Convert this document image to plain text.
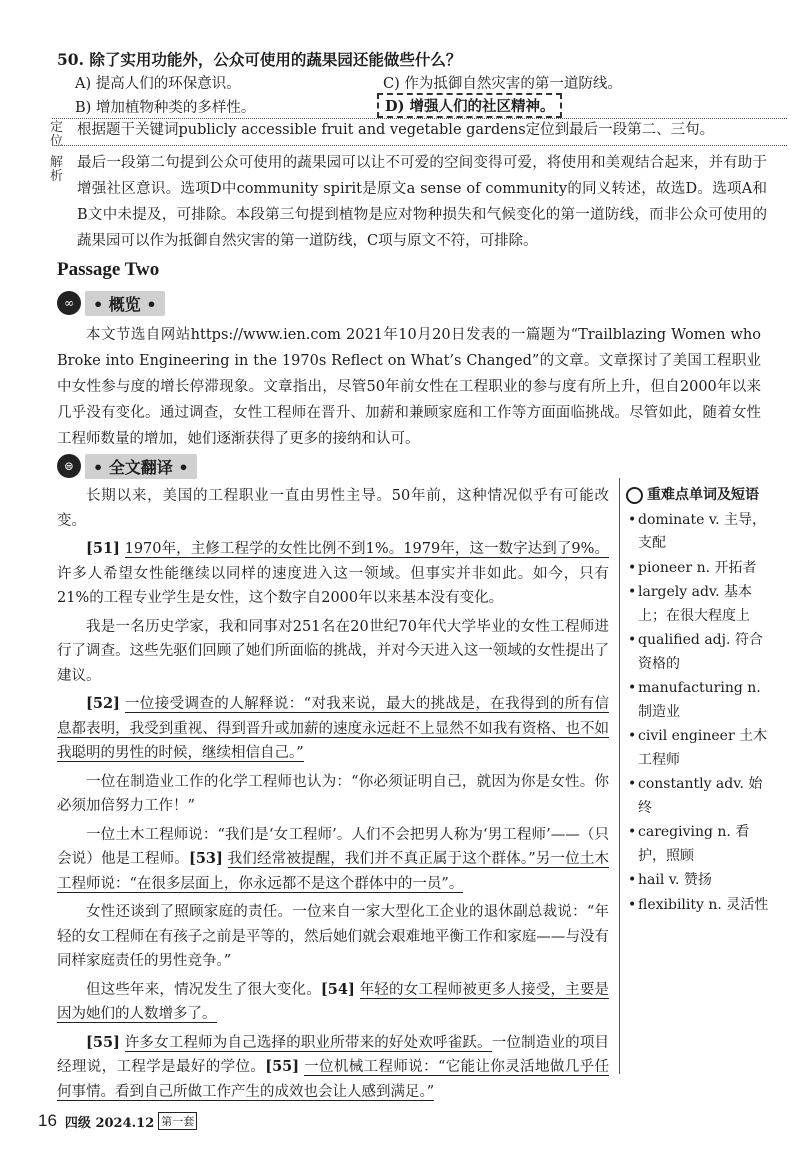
50. 除了实用功能外，公众可使用的蔬果园还能做些什么？
A) 提高人们的环保意识。	C) 作为抵御自然灾害的第一道防线。
B) 增加植物种类的多样性。	D) 增强人们的社区精神。
定位
根据题干关键词publicly accessible fruit and vegetable gardens定位到最后一段第二、三句。
解析
最后一段第二句提到公众可使用的蔬果园可以让不可爱的空间变得可爱，将使用和美观结合起来，并有助于增强社区意识。选项D中community spirit是原文a sense of community的同义转述，故选D。选项A和B文中未提及，可排除。本段第三句提到植物是应对物种损失和气候变化的第一道防线，而非公众可使用的蔬果园可以作为抵御自然灾害的第一道防线，C项与原文不符，可排除。
Passage Two
∞	• 概览 •
本文节选自网站https://www.ien.com 2021年10月20日发表的一篇题为“Trailblazing Women who Broke into Engineering in the 1970s Reflect on What’s Changed”的文章。文章探讨了美国工程职业中女性参与度的增长停滞现象。文章指出，尽管50年前女性在工程职业的参与度有所上升，但自2000年以来几乎没有变化。通过调查，女性工程师在晋升、加薪和兼顾家庭和工作等方面面临挑战。尽管如此，随着女性工程师数量的增加，她们逐渐获得了更多的接纳和认可。
⊜	• 全文翻译 •

长期以来，美国的工程职业一直由男性主导。50年前，这种情况似乎有可能改变。

[51] 1970年，主修工程学的女性比例不到1%。1979年，这一数字达到了9%。许多人希望女性能继续以同样的速度进入这一领域。但事实并非如此。如今，只有21%的工程专业学生是女性，这个数字自2000年以来基本没有变化。

我是一名历史学家，我和同事对251名在20世纪70年代大学毕业的女性工程师进行了调查。这些先驱们回顾了她们所面临的挑战，并对今天进入这一领域的女性提出了建议。

[52] 一位接受调查的人解释说：“对我来说，最大的挑战是，在我得到的所有信息都表明，我受到重视、得到晋升或加薪的速度永远赶不上显然不如我有资格、也不如我聪明的男性的时候，继续相信自己。”

一位在制造业工作的化学工程师也认为：“你必须证明自己，就因为你是女性。你必须加倍努力工作！”

一位土木工程师说：“我们是‘女工程师’。人们不会把男人称为‘男工程师’——（只会说）他是工程师。[53] 我们经常被提醒，我们并不真正属于这个群体。”另一位土木工程师说：“在很多层面上，你永远都不是这个群体中的一员”。

女性还谈到了照顾家庭的责任。一位来自一家大型化工企业的退休副总裁说：“年轻的女工程师在有孩子之前是平等的，然后她们就会艰难地平衡工作和家庭——与没有同样家庭责任的男性竞争。”

但这些年来，情况发生了很大变化。[54] 年轻的女工程师被更多人接受，主要是因为她们的人数增多了。

[55] 许多女工程师为自己选择的职业所带来的好处欢呼雀跃。一位制造业的项目经理说，工程学是最好的学位。[55] 一位机械工程师说：“它能让你灵活地做几乎任何事情。看到自己所做工作产生的成效也会让人感到满足。”

重难点单词及短语
• dominate v. 主导，支配
• pioneer n. 开拓者
• largely adv. 基本上；在很大程度上
• qualified adj. 符合资格的
• manufacturing n. 制造业
• civil engineer 土木工程师
• constantly adv. 始终
• caregiving n. 看护，照顾
• hail v. 赞扬
• flexibility n. 灵活性
16 四级 2024.12 第一套
